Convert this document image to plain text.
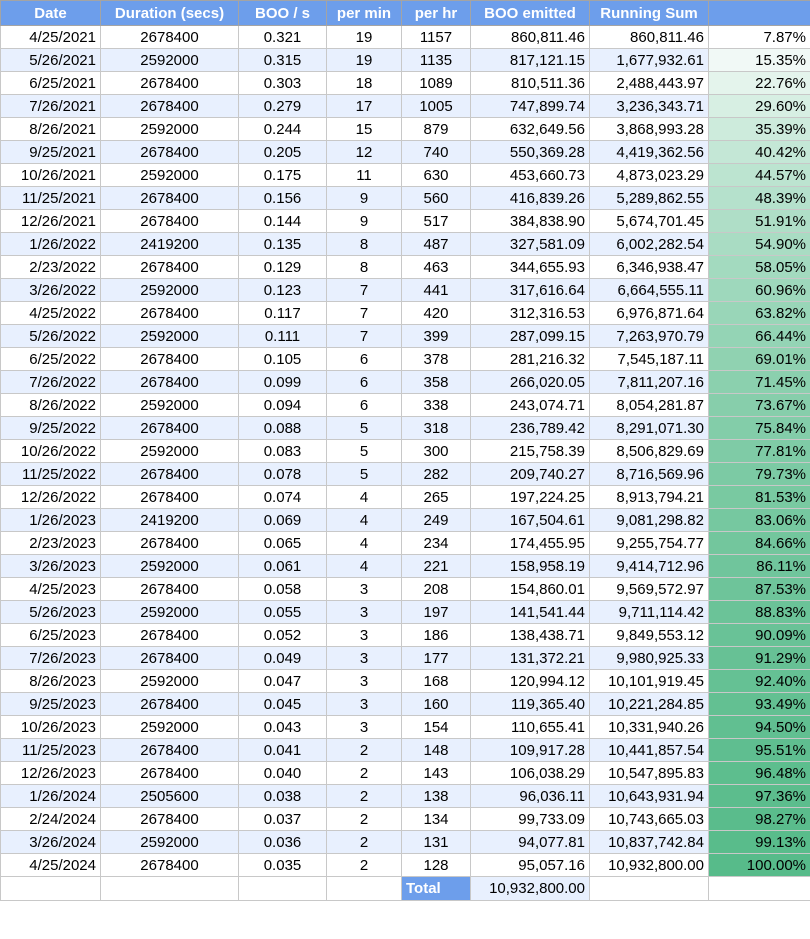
Date	Duration (secs)	BOO / s	per min	per hr	BOO emitted	Running Sum	
4/25/2021	2678400	0.321	19	1157	860,811.46	860,811.46	7.87%
5/26/2021	2592000	0.315	19	1135	817,121.15	1,677,932.61	15.35%
6/25/2021	2678400	0.303	18	1089	810,511.36	2,488,443.97	22.76%
7/26/2021	2678400	0.279	17	1005	747,899.74	3,236,343.71	29.60%
8/26/2021	2592000	0.244	15	879	632,649.56	3,868,993.28	35.39%
9/25/2021	2678400	0.205	12	740	550,369.28	4,419,362.56	40.42%
10/26/2021	2592000	0.175	11	630	453,660.73	4,873,023.29	44.57%
11/25/2021	2678400	0.156	9	560	416,839.26	5,289,862.55	48.39%
12/26/2021	2678400	0.144	9	517	384,838.90	5,674,701.45	51.91%
1/26/2022	2419200	0.135	8	487	327,581.09	6,002,282.54	54.90%
2/23/2022	2678400	0.129	8	463	344,655.93	6,346,938.47	58.05%
3/26/2022	2592000	0.123	7	441	317,616.64	6,664,555.11	60.96%
4/25/2022	2678400	0.117	7	420	312,316.53	6,976,871.64	63.82%
5/26/2022	2592000	0.111	7	399	287,099.15	7,263,970.79	66.44%
6/25/2022	2678400	0.105	6	378	281,216.32	7,545,187.11	69.01%
7/26/2022	2678400	0.099	6	358	266,020.05	7,811,207.16	71.45%
8/26/2022	2592000	0.094	6	338	243,074.71	8,054,281.87	73.67%
9/25/2022	2678400	0.088	5	318	236,789.42	8,291,071.30	75.84%
10/26/2022	2592000	0.083	5	300	215,758.39	8,506,829.69	77.81%
11/25/2022	2678400	0.078	5	282	209,740.27	8,716,569.96	79.73%
12/26/2022	2678400	0.074	4	265	197,224.25	8,913,794.21	81.53%
1/26/2023	2419200	0.069	4	249	167,504.61	9,081,298.82	83.06%
2/23/2023	2678400	0.065	4	234	174,455.95	9,255,754.77	84.66%
3/26/2023	2592000	0.061	4	221	158,958.19	9,414,712.96	86.11%
4/25/2023	2678400	0.058	3	208	154,860.01	9,569,572.97	87.53%
5/26/2023	2592000	0.055	3	197	141,541.44	9,711,114.42	88.83%
6/25/2023	2678400	0.052	3	186	138,438.71	9,849,553.12	90.09%
7/26/2023	2678400	0.049	3	177	131,372.21	9,980,925.33	91.29%
8/26/2023	2592000	0.047	3	168	120,994.12	10,101,919.45	92.40%
9/25/2023	2678400	0.045	3	160	119,365.40	10,221,284.85	93.49%
10/26/2023	2592000	0.043	3	154	110,655.41	10,331,940.26	94.50%
11/25/2023	2678400	0.041	2	148	109,917.28	10,441,857.54	95.51%
12/26/2023	2678400	0.040	2	143	106,038.29	10,547,895.83	96.48%
1/26/2024	2505600	0.038	2	138	96,036.11	10,643,931.94	97.36%
2/24/2024	2678400	0.037	2	134	99,733.09	10,743,665.03	98.27%
3/26/2024	2592000	0.036	2	131	94,077.81	10,837,742.84	99.13%
4/25/2024	2678400	0.035	2	128	95,057.16	10,932,800.00	100.00%
				Total	10,932,800.00		
